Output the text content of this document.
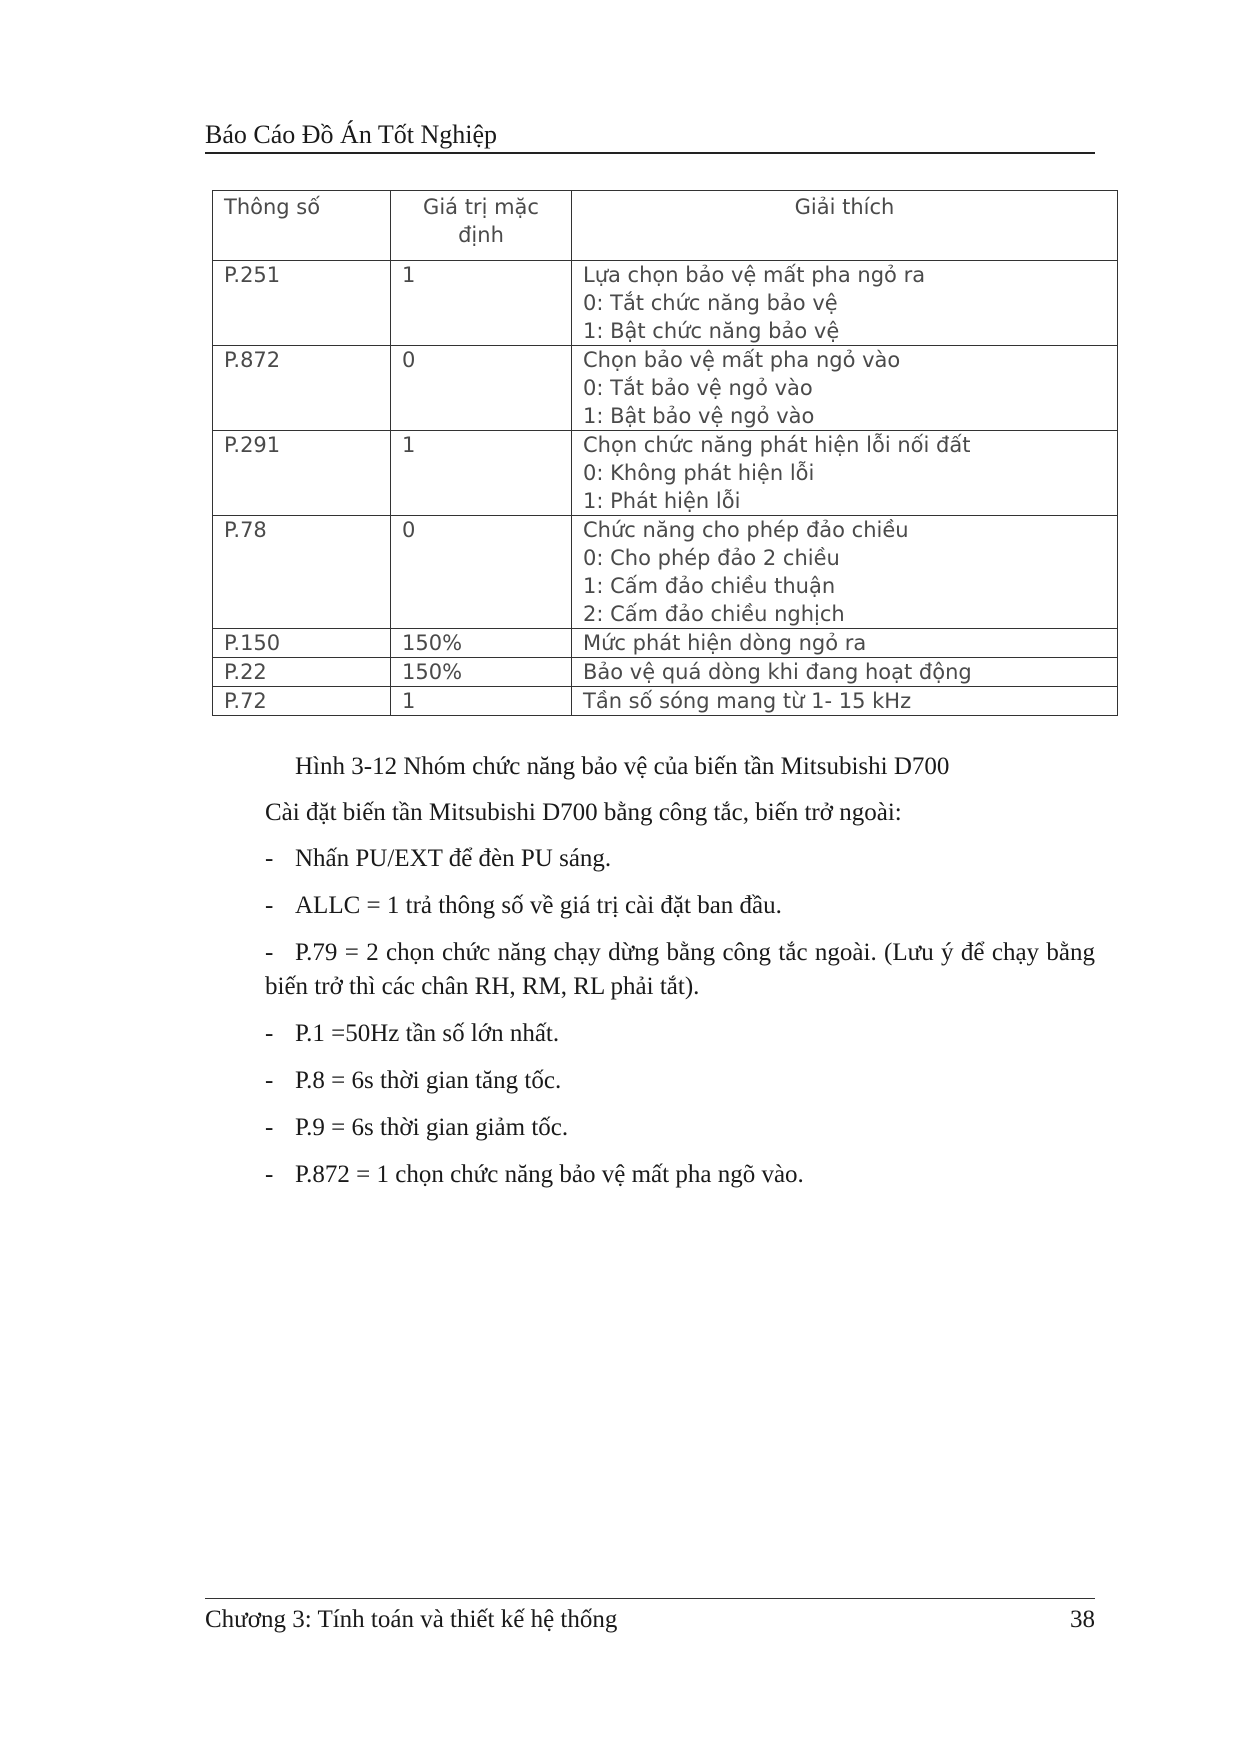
Báo Cáo Đồ Án Tốt Nghiệp
Thông số	Giá trị mặc định	Giải thích
P.251	1	Lựa chọn bảo vệ mất pha ngỏ ra
0: Tắt chức năng bảo vệ
1: Bật chức năng bảo vệ

P.872	0	Chọn bảo vệ mất pha ngỏ vào
0: Tắt bảo vệ ngỏ vào
1: Bật bảo vệ ngỏ vào

P.291	1	Chọn chức năng phát hiện lỗi nối đất
0: Không phát hiện lỗi
1: Phát hiện lỗi

P.78	0	Chức năng cho phép đảo chiều
0: Cho phép đảo 2 chiều
1: Cấm đảo chiều thuận
2: Cấm đảo chiều nghịch

P.150	150%	Mức phát hiện dòng ngỏ ra

P.22	150%	Bảo vệ quá dòng khi đang hoạt động

P.72	1	Tần số sóng mang từ 1- 15 kHz
Hình 3-12 Nhóm chức năng bảo vệ của biến tần Mitsubishi D700
Cài đặt biến tần Mitsubishi D700 bằng công tắc, biến trở ngoài:
- Nhấn PU/EXT để đèn PU sáng.
- ALLC = 1 trả thông số về giá trị cài đặt ban đầu.
- P.79 = 2 chọn chức năng chạy dừng bằng công tắc ngoài. (Lưu ý để chạy bằng biến trở thì các chân RH, RM, RL phải tắt).
- P.1 =50Hz tần số lớn nhất.
- P.8 = 6s thời gian tăng tốc.
- P.9 = 6s thời gian giảm tốc.
- P.872 = 1 chọn chức năng bảo vệ mất pha ngõ vào.
Chương 3: Tính toán và thiết kế hệ thống	38
